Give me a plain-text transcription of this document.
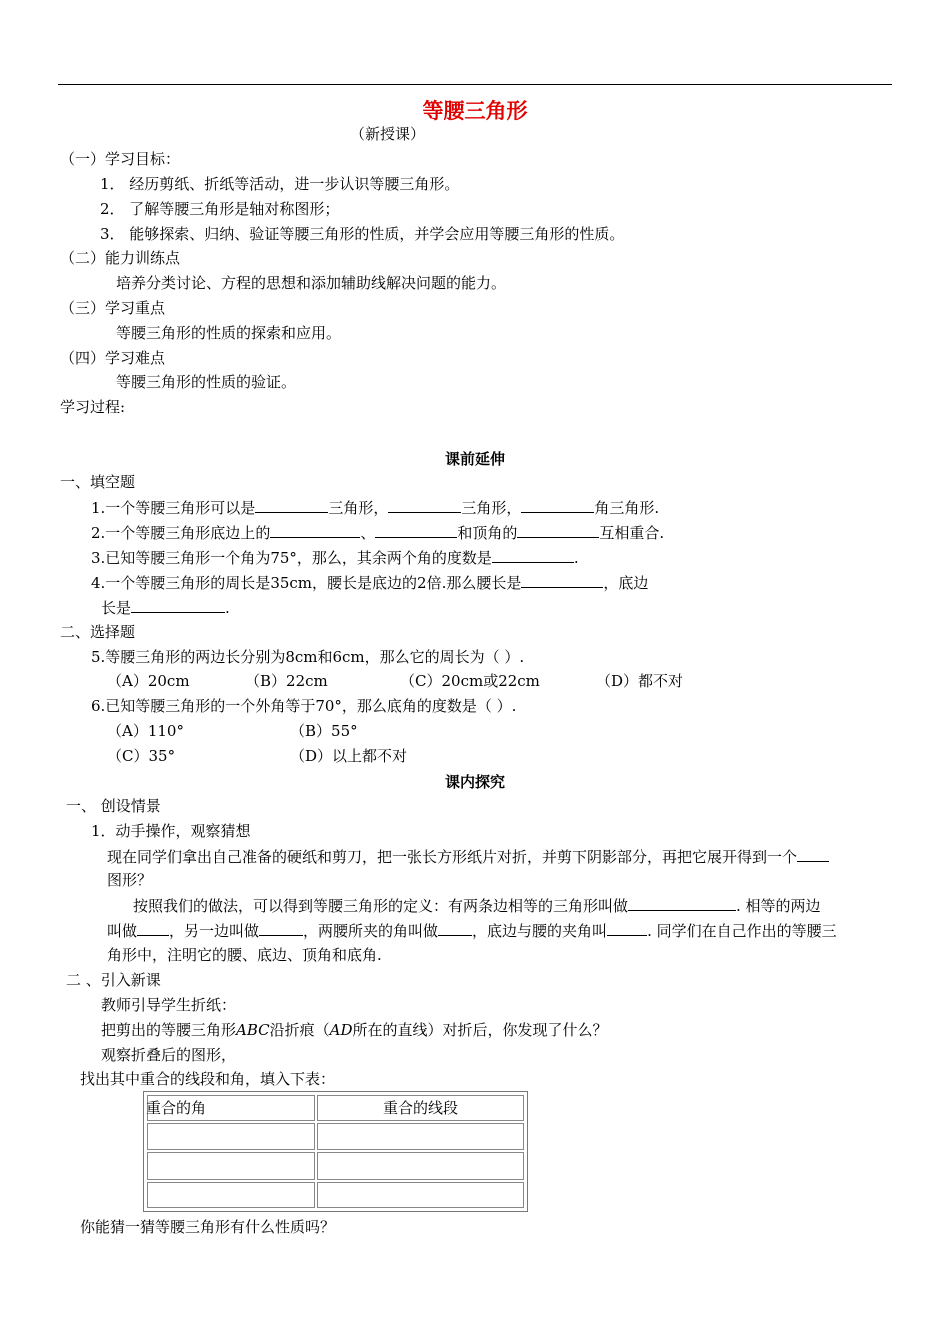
等腰三角形
（新授课）
（一）学习目标：
1． 经历剪纸、折纸等活动，进一步认识等腰三角形。
2． 了解等腰三角形是轴对称图形；
3． 能够探索、归纳、验证等腰三角形的性质，并学会应用等腰三角形的性质。
（二）能力训练点
培养分类讨论、方程的思想和添加辅助线解决问题的能力。
（三）学习重点
等腰三角形的性质的探索和应用。
（四）学习难点
等腰三角形的性质的验证。
学习过程:
课前延伸
一、填空题
1.一个等腰三角形可以是	三角形，	三角形，	角三角形.
2.一个等腰三角形底边上的	、	和顶角的	互相重合.
3.已知等腰三角形一个角为75°，那么，其余两个角的度数是	.
4.一个等腰三角形的周长是35cm，腰长是底边的2倍.那么腰长是	，底边
长是	.
二、选择题
5.等腰三角形的两边长分别为8cm和6cm，那么它的周长为（ ）.
（A）20cm	（B）22cm	（C）20cm或22cm	（D）都不对
6.已知等腰三角形的一个外角等于70°，那么底角的度数是（ ）.
（A）110°	（B）55°
（C）35°	（D）以上都不对
课内探究
一、 创设情景
1．动手操作，观察猜想
现在同学们拿出自己准备的硬纸和剪刀，把一张长方形纸片对折，并剪下阴影部分，再把它展开得到一个
图形？
按照我们的做法，可以得到等腰三角形的定义：有两条边相等的三角形叫做	. 相等的两边
叫做 ，另一边叫做	，两腰所夹的角叫做 ，底边与腰的夹角叫	. 同学们在自己作出的等腰三
角形中，注明它的腰、底边、顶角和底角.
二 、引入新课
教师引导学生折纸：
把剪出的等腰三角形ABC沿折痕（AD所在的直线）对折后，你发现了什么？
观察折叠后的图形，
找出其中重合的线段和角，填入下表：
重合的角	重合的线段
你能猜一猜等腰三角形有什么性质吗？
